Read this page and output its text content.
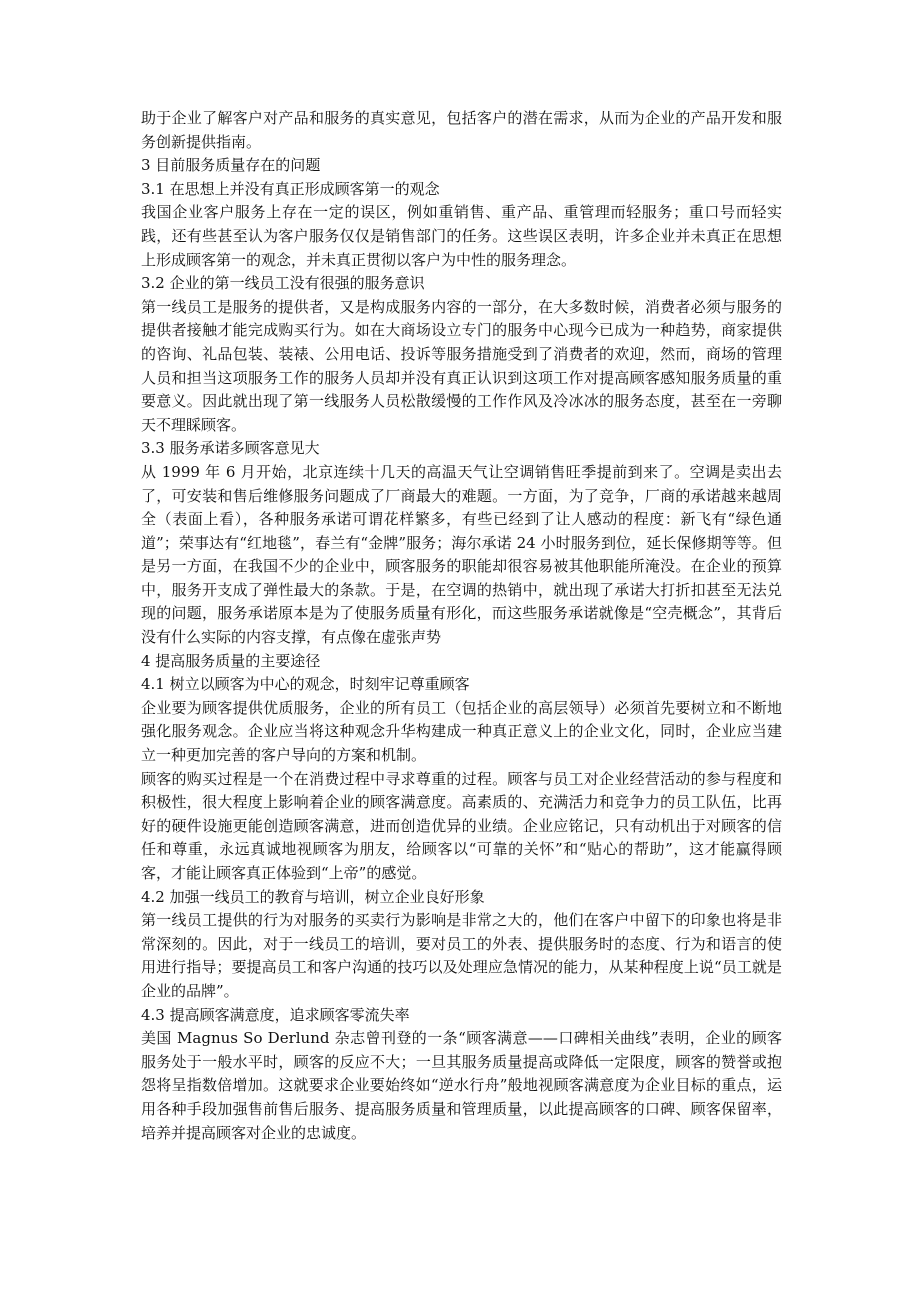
助于企业了解客户对产品和服务的真实意见，包括客户的潜在需求，从而为企业的产品开发和服务创新提供指南。

3 目前服务质量存在的问题

3.1 在思想上并没有真正形成顾客第一的观念

我国企业客户服务上存在一定的误区，例如重销售、重产品、重管理而轻服务；重口号而轻实践，还有些甚至认为客户服务仅仅是销售部门的任务。这些误区表明，许多企业并未真正在思想上形成顾客第一的观念，并未真正贯彻以客户为中性的服务理念。

3.2 企业的第一线员工没有很强的服务意识

第一线员工是服务的提供者，又是构成服务内容的一部分，在大多数时候，消费者必须与服务的提供者接触才能完成购买行为。如在大商场设立专门的服务中心现今已成为一种趋势，商家提供的咨询、礼品包装、装裱、公用电话、投诉等服务措施受到了消费者的欢迎，然而，商场的管理人员和担当这项服务工作的服务人员却并没有真正认识到这项工作对提高顾客感知服务质量的重要意义。因此就出现了第一线服务人员松散缓慢的工作作风及冷冰冰的服务态度，甚至在一旁聊天不理睬顾客。

3.3 服务承诺多顾客意见大

从 1999 年 6 月开始，北京连续十几天的高温天气让空调销售旺季提前到来了。空调是卖出去了，可安装和售后维修服务问题成了厂商最大的难题。一方面，为了竞争，厂商的承诺越来越周全（表面上看），各种服务承诺可谓花样繁多，有些已经到了让人感动的程度：新飞有“绿色通道”；荣事达有“红地毯”，春兰有“金牌”服务；海尔承诺 24 小时服务到位，延长保修期等等。但是另一方面，在我国不少的企业中，顾客服务的职能却很容易被其他职能所淹没。在企业的预算中，服务开支成了弹性最大的条款。于是，在空调的热销中，就出现了承诺大打折扣甚至无法兑现的问题，服务承诺原本是为了使服务质量有形化，而这些服务承诺就像是“空壳概念”，其背后没有什么实际的内容支撑，有点像在虚张声势

4 提高服务质量的主要途径

4.1 树立以顾客为中心的观念，时刻牢记尊重顾客

企业要为顾客提供优质服务，企业的所有员工（包括企业的高层领导）必须首先要树立和不断地强化服务观念。企业应当将这种观念升华构建成一种真正意义上的企业文化，同时，企业应当建立一种更加完善的客户导向的方案和机制。

顾客的购买过程是一个在消费过程中寻求尊重的过程。顾客与员工对企业经营活动的参与程度和积极性，很大程度上影响着企业的顾客满意度。高素质的、充满活力和竞争力的员工队伍，比再好的硬件设施更能创造顾客满意，进而创造优异的业绩。企业应铭记，只有动机出于对顾客的信任和尊重，永远真诚地视顾客为朋友，给顾客以“可靠的关怀”和“贴心的帮助”，这才能赢得顾客，才能让顾客真正体验到“上帝”的感觉。

4.2 加强一线员工的教育与培训，树立企业良好形象

第一线员工提供的行为对服务的买卖行为影响是非常之大的，他们在客户中留下的印象也将是非常深刻的。因此，对于一线员工的培训，要对员工的外表、提供服务时的态度、行为和语言的使用进行指导；要提高员工和客户沟通的技巧以及处理应急情况的能力，从某种程度上说“员工就是企业的品牌”。

4.3 提高顾客满意度，追求顾客零流失率

美国 Magnus So Derlund 杂志曾刊登的一条“顾客满意——口碑相关曲线”表明，企业的顾客服务处于一般水平时，顾客的反应不大；一旦其服务质量提高或降低一定限度，顾客的赞誉或抱怨将呈指数倍增加。这就要求企业要始终如“逆水行舟”般地视顾客满意度为企业目标的重点，运用各种手段加强售前售后服务、提高服务质量和管理质量，以此提高顾客的口碑、顾客保留率，培养并提高顾客对企业的忠诚度。
